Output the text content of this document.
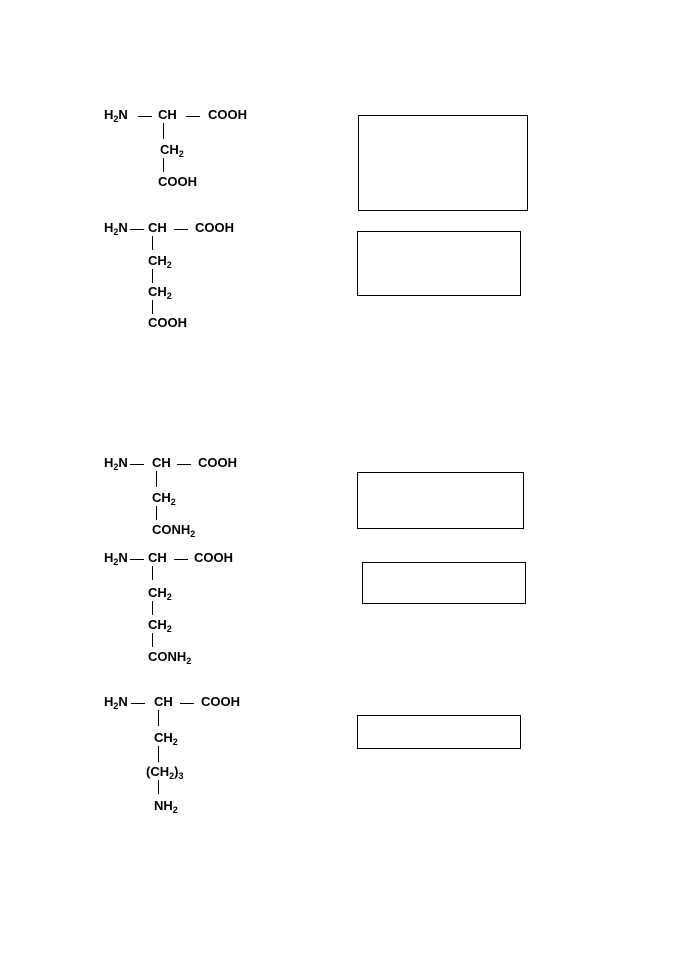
$H_2N$ CH COOH
$CH_2$
COOH
$H_2N$ CH COOH
$CH_2$
$CH_2$
COOH
$H_2N$ CH COOH
$CH_2$
$CONH_2$
$H_2N$ CH COOH
$CH_2$
$CH_2$
$CONH_2$
$H_2N$ CH COOH
$CH_2$
$(CH_2)_3$
$NH_2$
